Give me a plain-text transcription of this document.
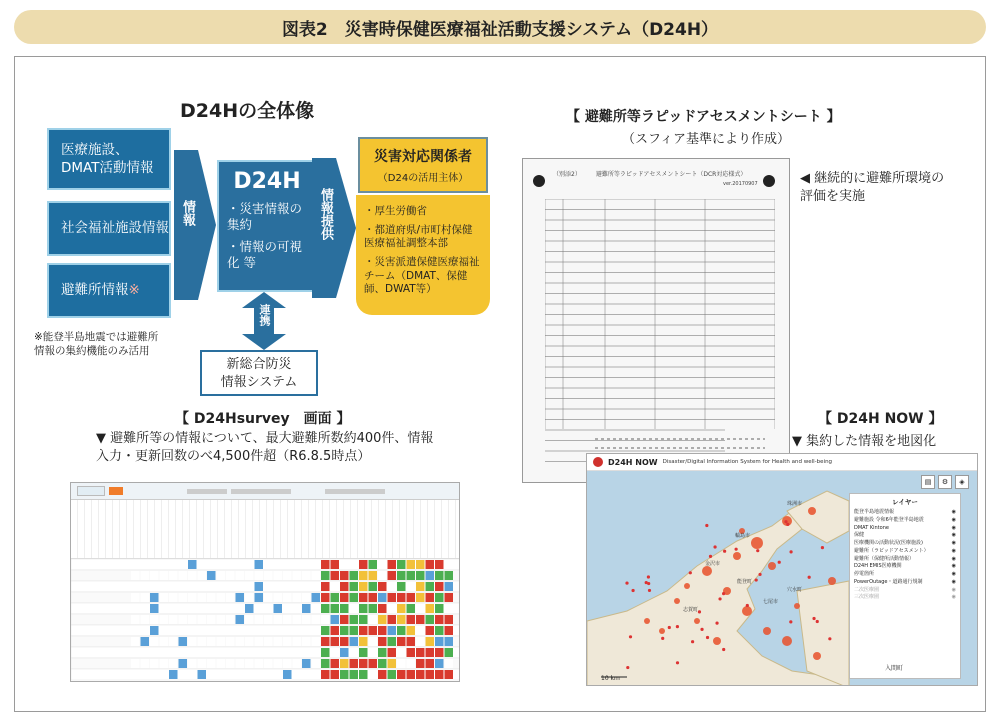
図表2　災害時保健医療福祉活動支援システム（D24H）
D24Hの全体像
医療施設、
DMAT活動情報
社会福祉施設情報
避難所情報※
情報
D24H
・災害情報の集約
・情報の可視化 等
情報提供
連携
新総合防災
情報システム
災害対応関係者
（D24の活用主体）
・厚生労働省
・都道府県/市町村保健医療福祉調整本部
・災害派遣保健医療福祉チーム（DMAT、保健師、DWAT等）
※能登半島地震では避難所
情報の集約機能のみ活用
【 D24Hsurvey　画面 】
▼ 避難所等の情報について、最大避難所数約400件、情報
入力・更新回数のべ4,500件超（R6.8.5時点）
【 避難所等ラピッドアセスメントシート 】
（スフィア基準により作成）
◀ 継続的に避難所環境の
評価を実施
（別添2）　　　避難所等ラピッドアセスメントシート（DCR対応様式）
ver.20170907
【 D24H NOW 】
▼ 集約した情報を地図化
D24H NOW Disaster/Digital Information System for Health and well-being
金沢市
輪島市
珠洲市
七尾市
能登町
志賀町
穴水町
レイヤー
能登半島地震情報	◉
避難施設 令和6年能登半島地震	◉
DMAT Kintone	◉
保健	◉
医療機関の活動状況(医療施設)	◉
避難所（ラピッドアセスメント）	◉
避難所（保健所活動情報）	◉
D24H EMIS医療機関	◉
停電箇所	◉
PowerOutage・道路通行規制	◉
二次医療圏	◉
三次医療圏	◉
▤	⚙	◈
10 km
入間町
